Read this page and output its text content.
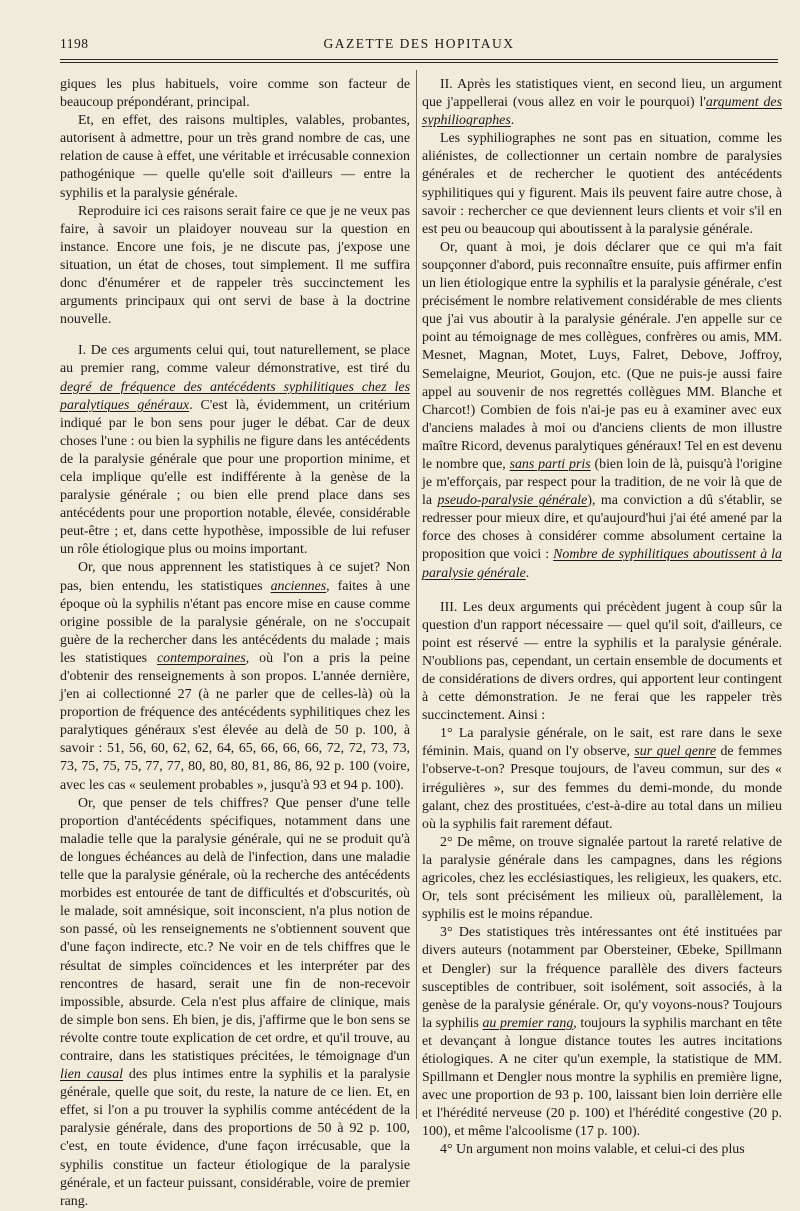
1198	GAZETTE DES HOPITAUX

giques les plus habituels, voire comme son facteur de beaucoup prépondérant, principal.

Et, en effet, des raisons multiples, valables, probantes, autorisent à admettre, pour un très grand nombre de cas, une relation de cause à effet, une véritable et irrécusable connexion pathogénique — quelle qu'elle soit d'ailleurs — entre la syphilis et la paralysie générale.

Reproduire ici ces raisons serait faire ce que je ne veux pas faire, à savoir un plaidoyer nouveau sur la question en instance. Encore une fois, je ne discute pas, j'expose une situation, un état de choses, tout simplement. Il me suffira donc d'énumérer et de rappeler très succinctement les arguments principaux qui ont servi de base à la doctrine nouvelle.

I. De ces arguments celui qui, tout naturellement, se place au premier rang, comme valeur démonstrative, est tiré du degré de fréquence des antécédents syphilitiques chez les paralytiques généraux. C'est là, évidemment, un critérium indiqué par le bon sens pour juger le débat. Car de deux choses l'une : ou bien la syphilis ne figure dans les antécédents de la paralysie générale que pour une proportion minime, et cela implique qu'elle est indifférente à la genèse de la paralysie générale ; ou bien elle prend place dans ses antécédents pour une proportion notable, élevée, considérable peut-être ; et, dans cette hypothèse, impossible de lui refuser un rôle étiologique plus ou moins important.

Or, que nous apprennent les statistiques à ce sujet? Non pas, bien entendu, les statistiques anciennes, faites à une époque où la syphilis n'étant pas encore mise en cause comme origine possible de la paralysie générale, on ne s'occupait guère de la rechercher dans les antécédents du malade ; mais les statistiques contemporaines, où l'on a pris la peine d'obtenir des renseignements à son propos. L'année dernière, j'en ai collectionné 27 (à ne parler que de celles-là) où la proportion de fréquence des antécédents syphilitiques chez les paralytiques généraux s'est élevée au delà de 50 p. 100, à savoir : 51, 56, 60, 62, 62, 64, 65, 66, 66, 66, 72, 72, 73, 73, 73, 75, 75, 75, 77, 77, 80, 80, 80, 81, 86, 86, 92 p. 100 (voire, avec les cas « seulement probables », jusqu'à 93 et 94 p. 100).

Or, que penser de tels chiffres? Que penser d'une telle proportion d'antécédents spécifiques, notamment dans une maladie telle que la paralysie générale, qui ne se produit qu'à de longues échéances au delà de l'infection, dans une maladie telle que la paralysie générale, où la recherche des antécédents morbides est entourée de tant de difficultés et d'obscurités, où le malade, soit amnésique, soit inconscient, n'a plus notion de son passé, où les renseignements ne s'obtiennent souvent que d'une façon indirecte, etc.? Ne voir en de tels chiffres que le résultat de simples coïncidences et les interpréter par des rencontres de hasard, serait une fin de non-recevoir impossible, absurde. Cela n'est plus affaire de clinique, mais de simple bon sens. Eh bien, je dis, j'affirme que le bon sens se révolte contre toute explication de cet ordre, et qu'il trouve, au contraire, dans les statistiques précitées, le témoignage d'un lien causal des plus intimes entre la syphilis et la paralysie générale, quelle que soit, du reste, la nature de ce lien. Et, en effet, si l'on a pu trouver la syphilis comme antécédent de la paralysie générale, dans des proportions de 50 à 92 p. 100, c'est, en toute évidence, d'une façon irrécusable, que la syphilis constitue un facteur étiologique de la paralysie générale, et un facteur puissant, considérable, voire de premier rang.

II. Après les statistiques vient, en second lieu, un argument que j'appellerai (vous allez en voir le pourquoi) l'argument des syphiliographes.

Les syphiliographes ne sont pas en situation, comme les aliénistes, de collectionner un certain nombre de paralysies générales et de rechercher le quotient des antécédents syphilitiques qui y figurent. Mais ils peuvent faire autre chose, à savoir : rechercher ce que deviennent leurs clients et voir s'il en est peu ou beaucoup qui aboutissent à la paralysie générale.

Or, quant à moi, je dois déclarer que ce qui m'a fait soupçonner d'abord, puis reconnaître ensuite, puis affirmer enfin un lien étiologique entre la syphilis et la paralysie générale, c'est précisément le nombre relativement considérable de mes clients que j'ai vus aboutir à la paralysie générale. J'en appelle sur ce point au témoignage de mes collègues, confrères ou amis, MM. Mesnet, Magnan, Motet, Luys, Falret, Debove, Joffroy, Semelaigne, Meuriot, Goujon, etc. (Que ne puis-je aussi faire appel au souvenir de nos regrettés collègues MM. Blanche et Charcot!) Combien de fois n'ai-je pas eu à examiner avec eux d'anciens malades à moi ou d'anciens clients de mon illustre maître Ricord, devenus paralytiques généraux! Tel en est devenu le nombre que, sans parti pris (bien loin de là, puisqu'à l'origine je m'efforçais, par respect pour la tradition, de ne voir là que de la pseudo-paralysie générale), ma conviction a dû s'établir, se redresser pour mieux dire, et qu'aujourd'hui j'ai été amené par la force des choses à considérer comme absolument certaine la proposition que voici : Nombre de syphilitiques aboutissent à la paralysie générale.

III. Les deux arguments qui précèdent jugent à coup sûr la question d'un rapport nécessaire — quel qu'il soit, d'ailleurs, ce point est réservé — entre la syphilis et la paralysie générale. N'oublions pas, cependant, un certain ensemble de documents et de considérations de divers ordres, qui apportent leur contingent à cette démonstration. Je ne ferai que les rappeler très succinctement. Ainsi :

1° La paralysie générale, on le sait, est rare dans le sexe féminin. Mais, quand on l'y observe, sur quel genre de femmes l'observe-t-on? Presque toujours, de l'aveu commun, sur des « irrégulières », sur des femmes du demi-monde, du monde galant, chez des prostituées, c'est-à-dire au total dans un milieu où la syphilis fait rarement défaut.

2° De même, on trouve signalée partout la rareté relative de la paralysie générale dans les campagnes, dans les régions agricoles, chez les ecclésiastiques, les religieux, les quakers, etc. Or, tels sont précisément les milieux où, parallèlement, la syphilis est le moins répandue.

3° Des statistiques très intéressantes ont été instituées par divers auteurs (notamment par Obersteiner, Œbeke, Spillmann et Dengler) sur la fréquence parallèle des divers facteurs susceptibles de contribuer, soit isolément, soit associés, à la genèse de la paralysie générale. Or, qu'y voyons-nous? Toujours la syphilis au premier rang, toujours la syphilis marchant en tête et devançant à longue distance toutes les autres incitations étiologiques. A ne citer qu'un exemple, la statistique de MM. Spillmann et Dengler nous montre la syphilis en première ligne, avec une proportion de 93 p. 100, laissant bien loin derrière elle et l'hérédité nerveuse (20 p. 100) et l'hérédité congestive (20 p. 100), et même l'alcoolisme (17 p. 100).

4° Un argument non moins valable, et celui-ci des plus
